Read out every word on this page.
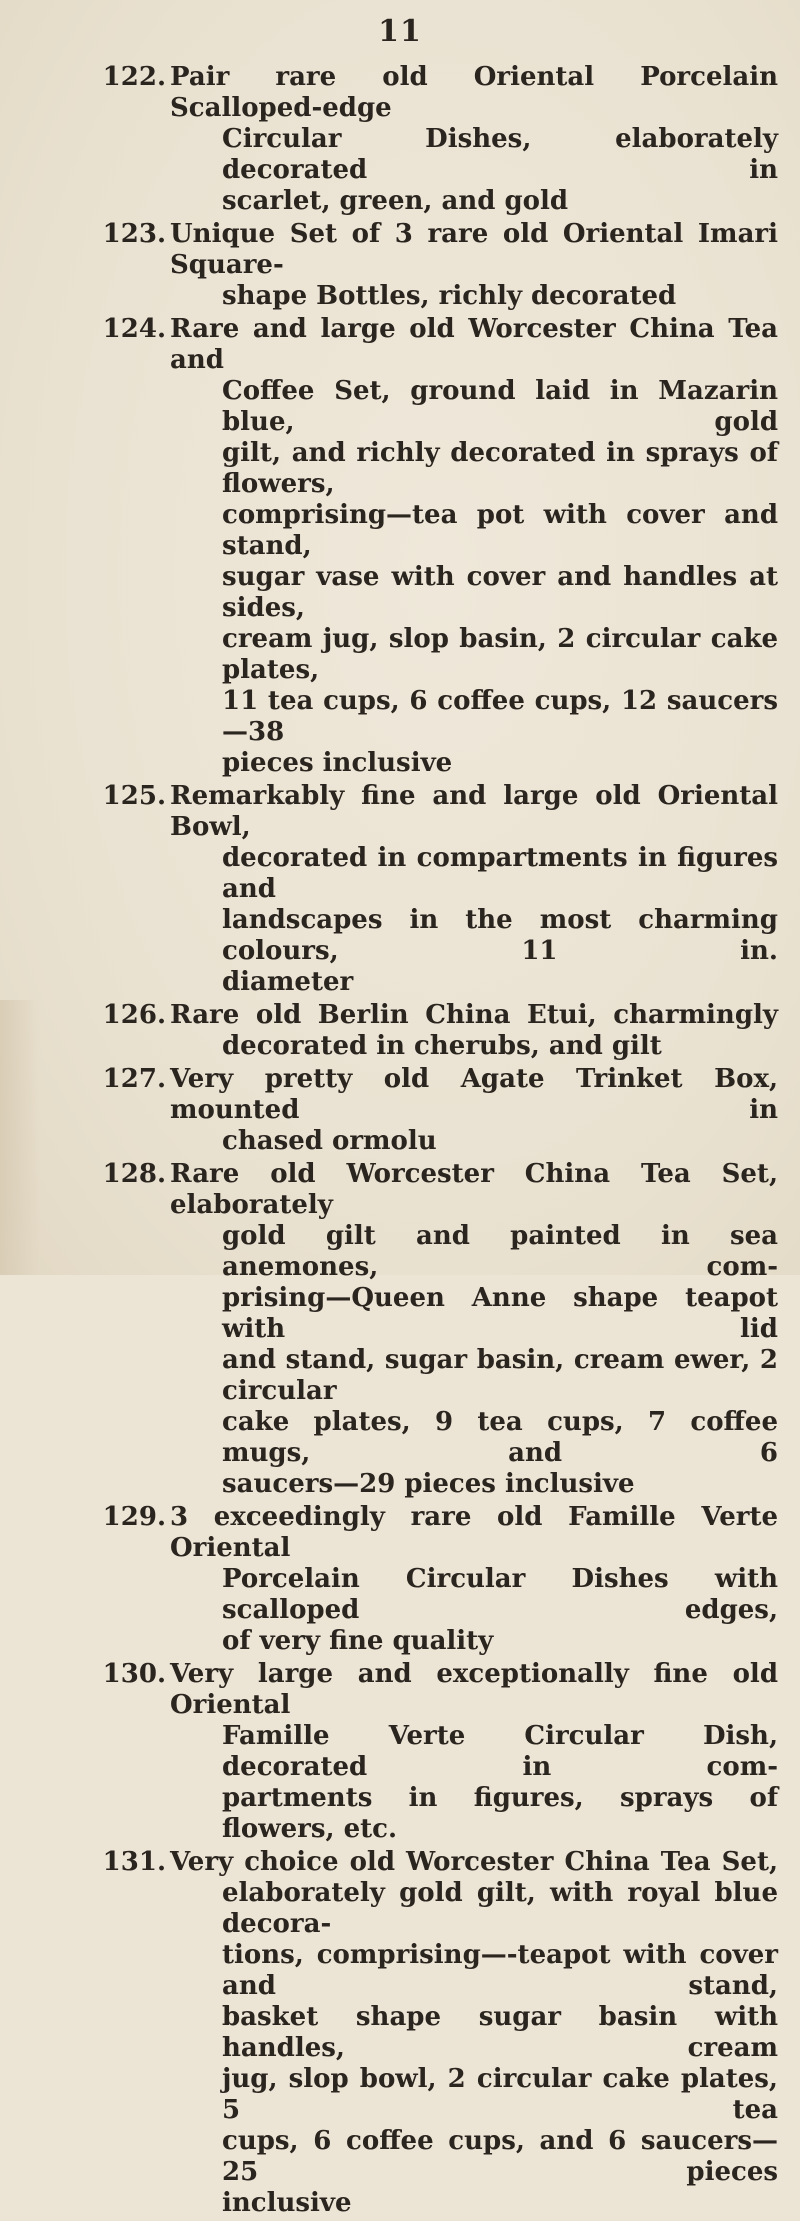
11
122. Pair rare old Oriental Porcelain Scalloped-edge
Circular Dishes, elaborately decorated in
scarlet, green, and gold
123. Unique Set of 3 rare old Oriental Imari Square-
shape Bottles, richly decorated
124. Rare and large old Worcester China Tea and
Coffee Set, ground laid in Mazarin blue, gold
gilt, and richly decorated in sprays of flowers,
comprising—tea pot with cover and stand,
sugar vase with cover and handles at sides,
cream jug, slop basin, 2 circular cake plates,
11 tea cups, 6 coffee cups, 12 saucers—38
pieces inclusive
125. Remarkably fine and large old Oriental Bowl,
decorated in compartments in figures and
landscapes in the most charming colours, 11 in.
diameter
126. Rare old Berlin China Etui, charmingly
decorated in cherubs, and gilt
127. Very pretty old Agate Trinket Box, mounted in
chased ormolu
128. Rare old Worcester China Tea Set, elaborately
gold gilt and painted in sea anemones, com-
prising—Queen Anne shape teapot with lid
and stand, sugar basin, cream ewer, 2 circular
cake plates, 9 tea cups, 7 coffee mugs, and 6
saucers—29 pieces inclusive
129. 3 exceedingly rare old Famille Verte Oriental
Porcelain Circular Dishes with scalloped edges,
of very fine quality
130. Very large and exceptionally fine old Oriental
Famille Verte Circular Dish, decorated in com-
partments in figures, sprays of flowers, etc.
131. Very choice old Worcester China Tea Set,
elaborately gold gilt, with royal blue decora-
tions, comprising—-teapot with cover and stand,
basket shape sugar basin with handles, cream
jug, slop bowl, 2 circular cake plates, 5 tea
cups, 6 coffee cups, and 6 saucers—25 pieces
inclusive
